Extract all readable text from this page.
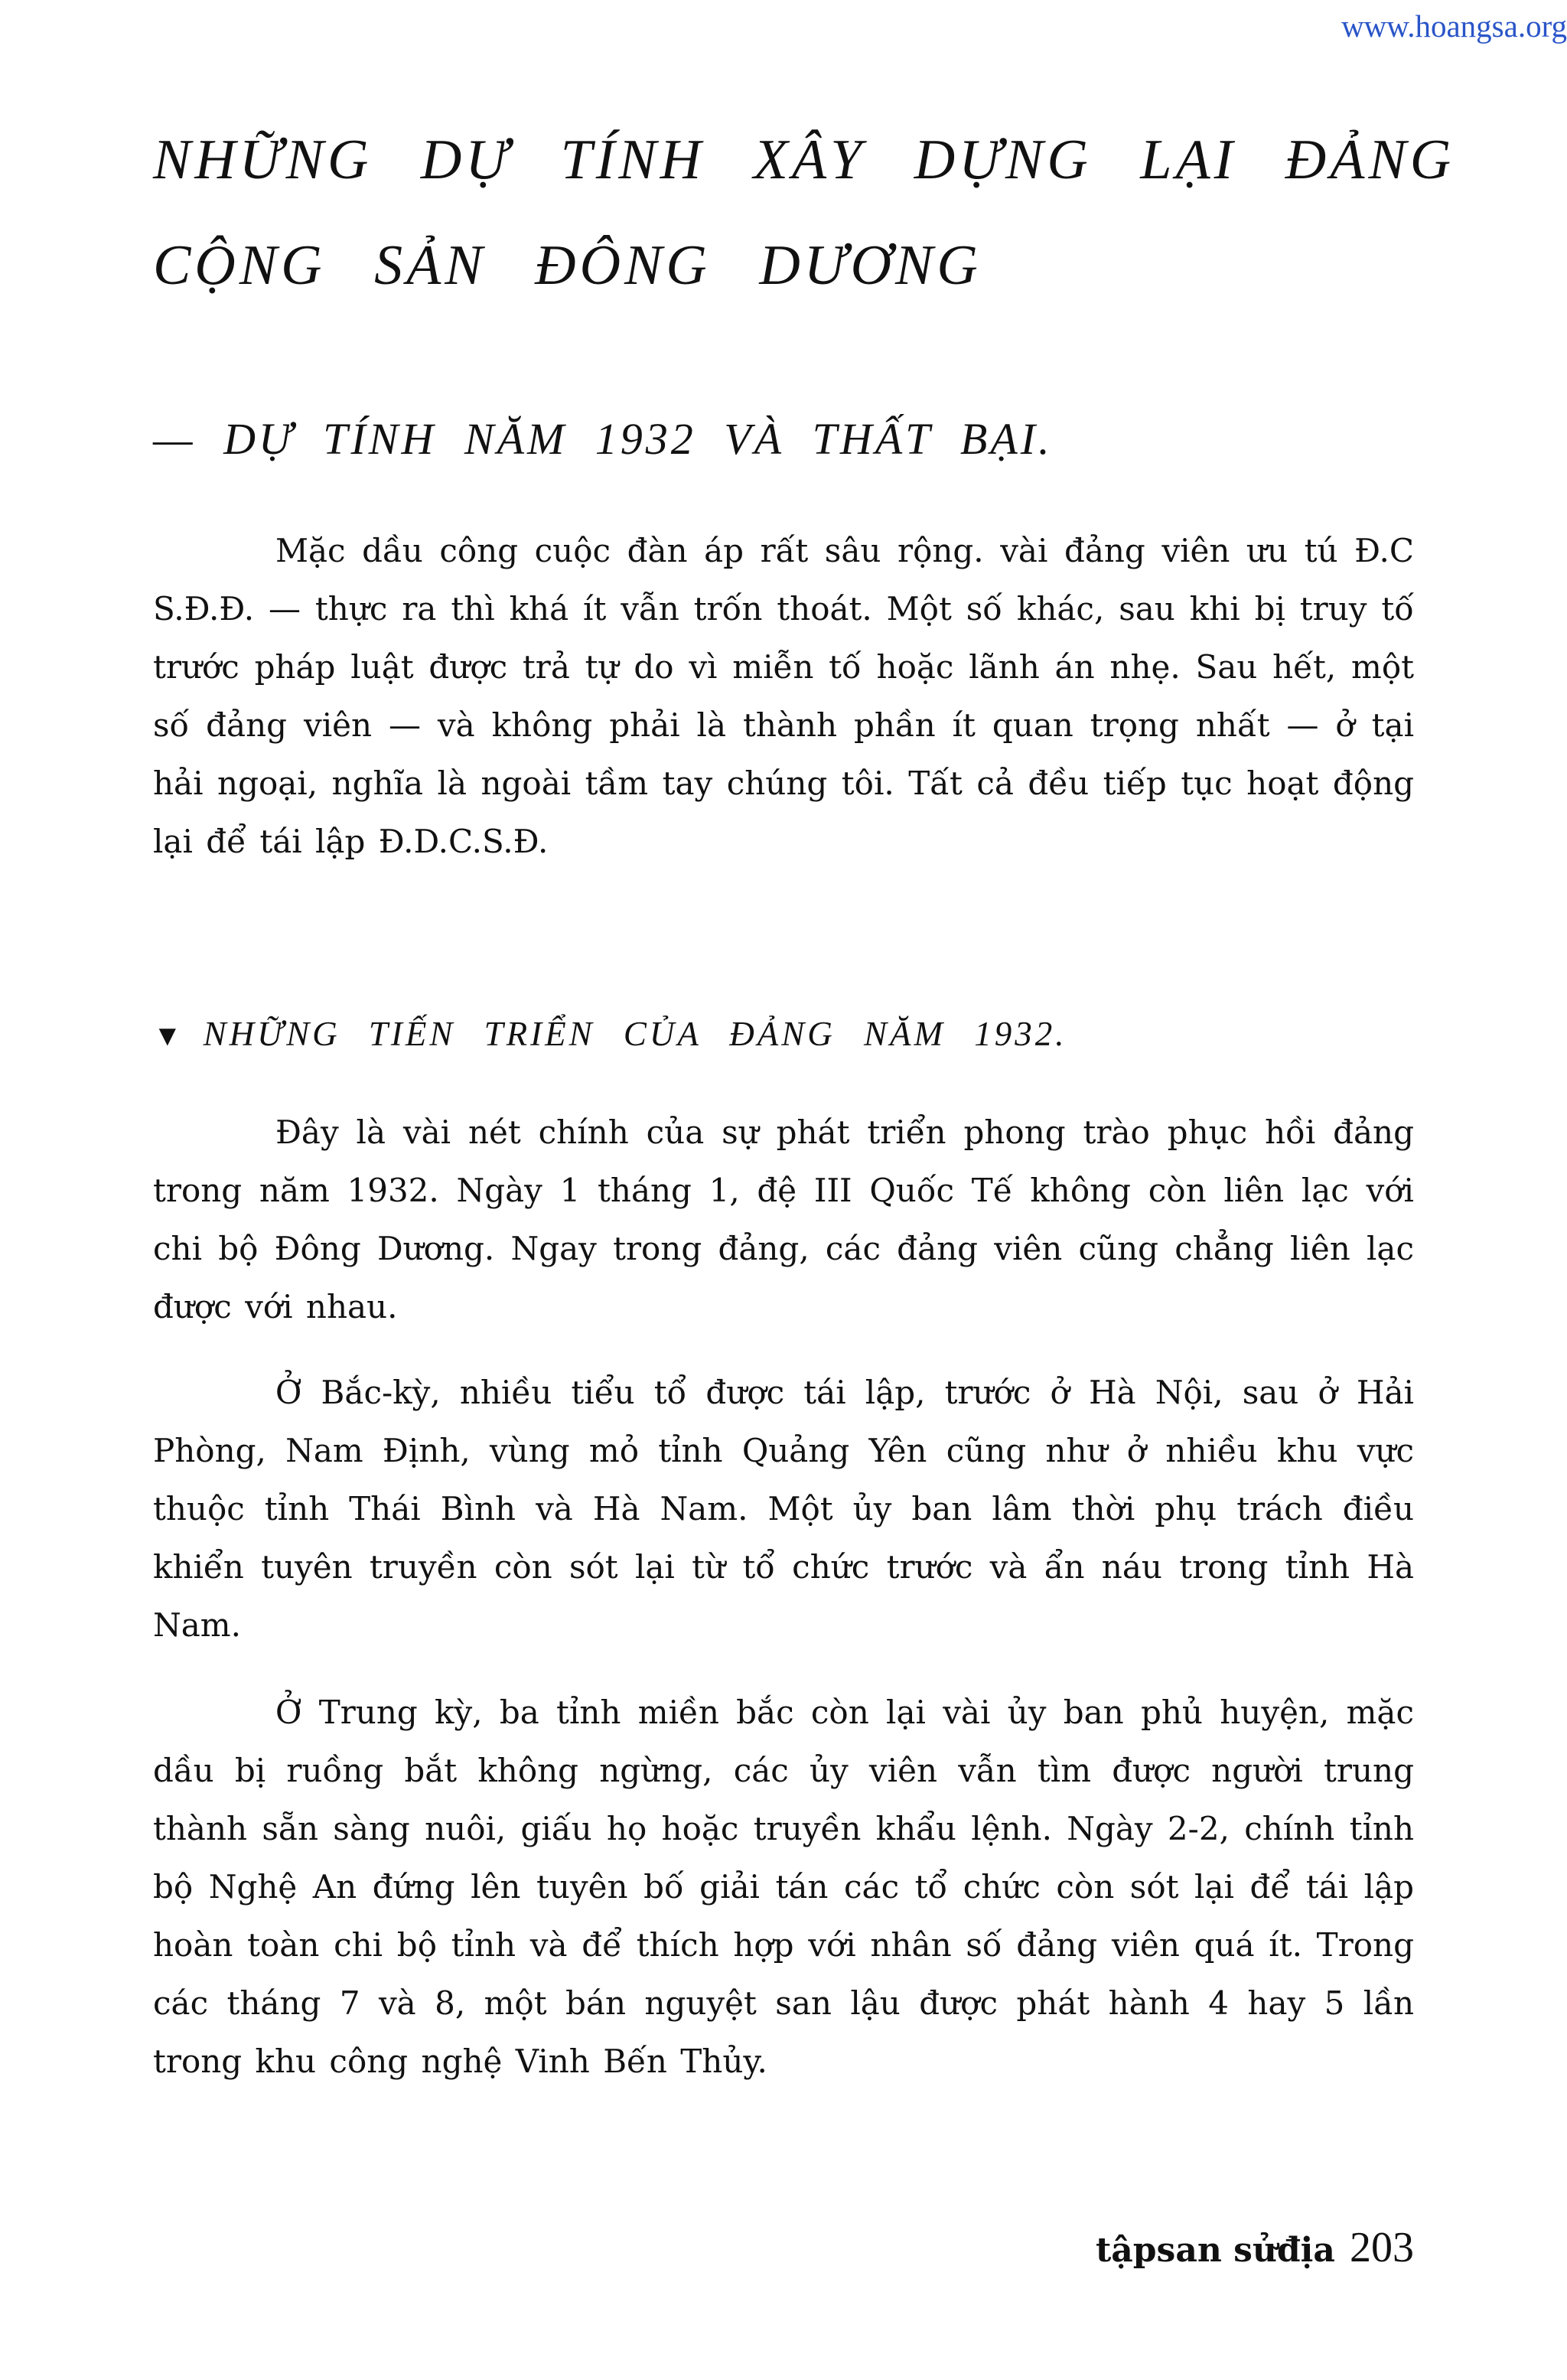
www.hoangsa.org
NHỮNG DỰ TÍNH XÂY DỰNG LẠI ĐẢNG
CỘNG SẢN ĐÔNG DƯƠNG
— DỰ TÍNH NĂM 1932 VÀ THẤT BẠI.

Mặc dầu công cuộc đàn áp rất sâu rộng. vài đảng viên ưu tú Đ.C S.Đ.Đ. — thực ra thì khá ít vẫn trốn thoát. Một số khác, sau khi bị truy tố trước pháp luật được trả tự do vì miễn tố hoặc lãnh án nhẹ. Sau hết, một số đảng viên — và không phải là thành phần ít quan trọng nhất — ở tại hải ngoại, nghĩa là ngoài tầm tay chúng tôi. Tất cả đều tiếp tục hoạt động lại để tái lập Đ.D.C.S.Đ.

▼ NHỮNG TIẾN TRIỂN CỦA ĐẢNG NĂM 1932.

Đây là vài nét chính của sự phát triển phong trào phục hồi đảng trong năm 1932. Ngày 1 tháng 1, đệ III Quốc Tế không còn liên lạc với chi bộ Đông Dương. Ngay trong đảng, các đảng viên cũng chẳng liên lạc được với nhau.

Ở Bắc-kỳ, nhiều tiểu tổ được tái lập, trước ở Hà Nội, sau ở Hải Phòng, Nam Định, vùng mỏ tỉnh Quảng Yên cũng như ở nhiều khu vực thuộc tỉnh Thái Bình và Hà Nam. Một ủy ban lâm thời phụ trách điều khiển tuyên truyền còn sót lại từ tổ chức trước và ẩn náu trong tỉnh Hà Nam.

Ở Trung kỳ, ba tỉnh miền bắc còn lại vài ủy ban phủ huyện, mặc dầu bị ruồng bắt không ngừng, các ủy viên vẫn tìm được người trung thành sẵn sàng nuôi, giấu họ hoặc truyền khẩu lệnh. Ngày 2-2, chính tỉnh bộ Nghệ An đứng lên tuyên bố giải tán các tổ chức còn sót lại để tái lập hoàn toàn chi bộ tỉnh và để thích hợp với nhân số đảng viên quá ít. Trong các tháng 7 và 8, một bán nguyệt san lậu được phát hành 4 hay 5 lần trong khu công nghệ Vinh Bến Thủy.

tậpsan sửđịa 203
